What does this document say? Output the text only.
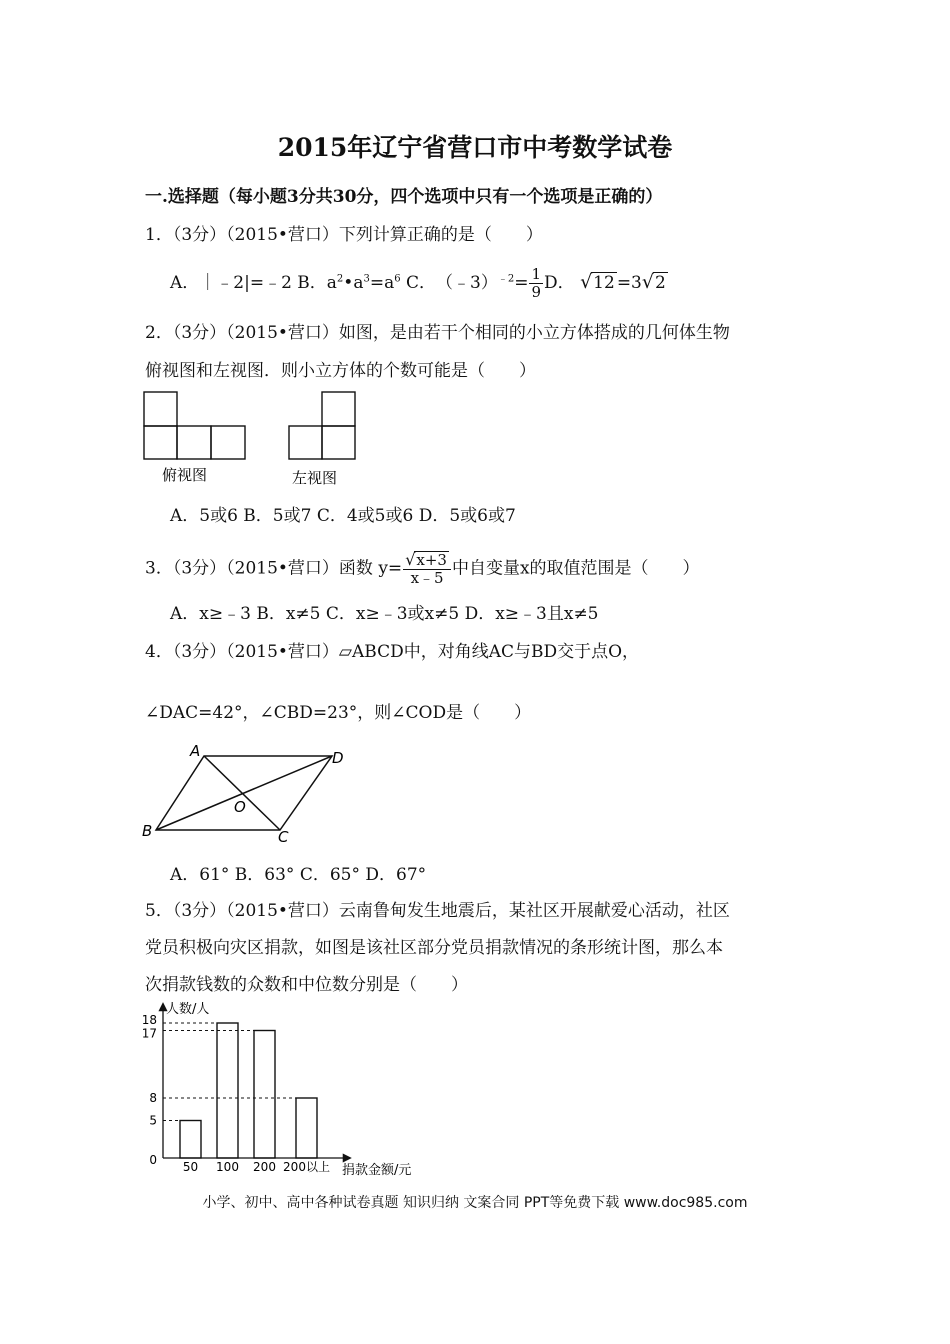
2015年辽宁省营口市中考数学试卷
一.选择题（每小题3分共30分，四个选项中只有一个选项是正确的）
1．（3分）（2015•营口）下列计算正确的是（　　）
A．｜﹣2|=﹣2 B．$a^2•a^3=a^6$ C．　（﹣3）$^{﹣2}$= $\frac{1}{9}$ D． √12 =3√2
2．（3分）（2015•营口）如图，是由若干个相同的小立方体搭成的几何体生物
俯视图和左视图．则小立方体的个数可能是（　　）
俯视图	左视图
A．5或6 B．5或7 C．4或5或6 D．5或6或7
3．（3分）（2015•营口）函数 $y= \frac{√x+3}{x﹣5}$ 中自变量x的取值范围是（　　）
A．x≥﹣3 B．x≠5 C．x≥﹣3或x≠5 D．x≥﹣3且x≠5
4．（3分）（2015•营口）▱ABCD中，对角线AC与BD交于点O，
∠DAC=42°，∠CBD=23°，则∠COD是（　　）
A	D
B	C
O
A．61° B．63° C．65° D．67°
5．（3分）（2015•营口）云南鲁甸发生地震后，某社区开展献爱心活动，社区
党员积极向灾区捐款，如图是该社区部分党员捐款情况的条形统计图，那么本
次捐款钱数的众数和中位数分别是（　　）
人数/人
捐款金额/元
0
5
8
17
18
50 100 200 200以上
小学、初中、高中各种试卷真题 知识归纳 文案合同 PPT等免费下载 www.doc985.com
